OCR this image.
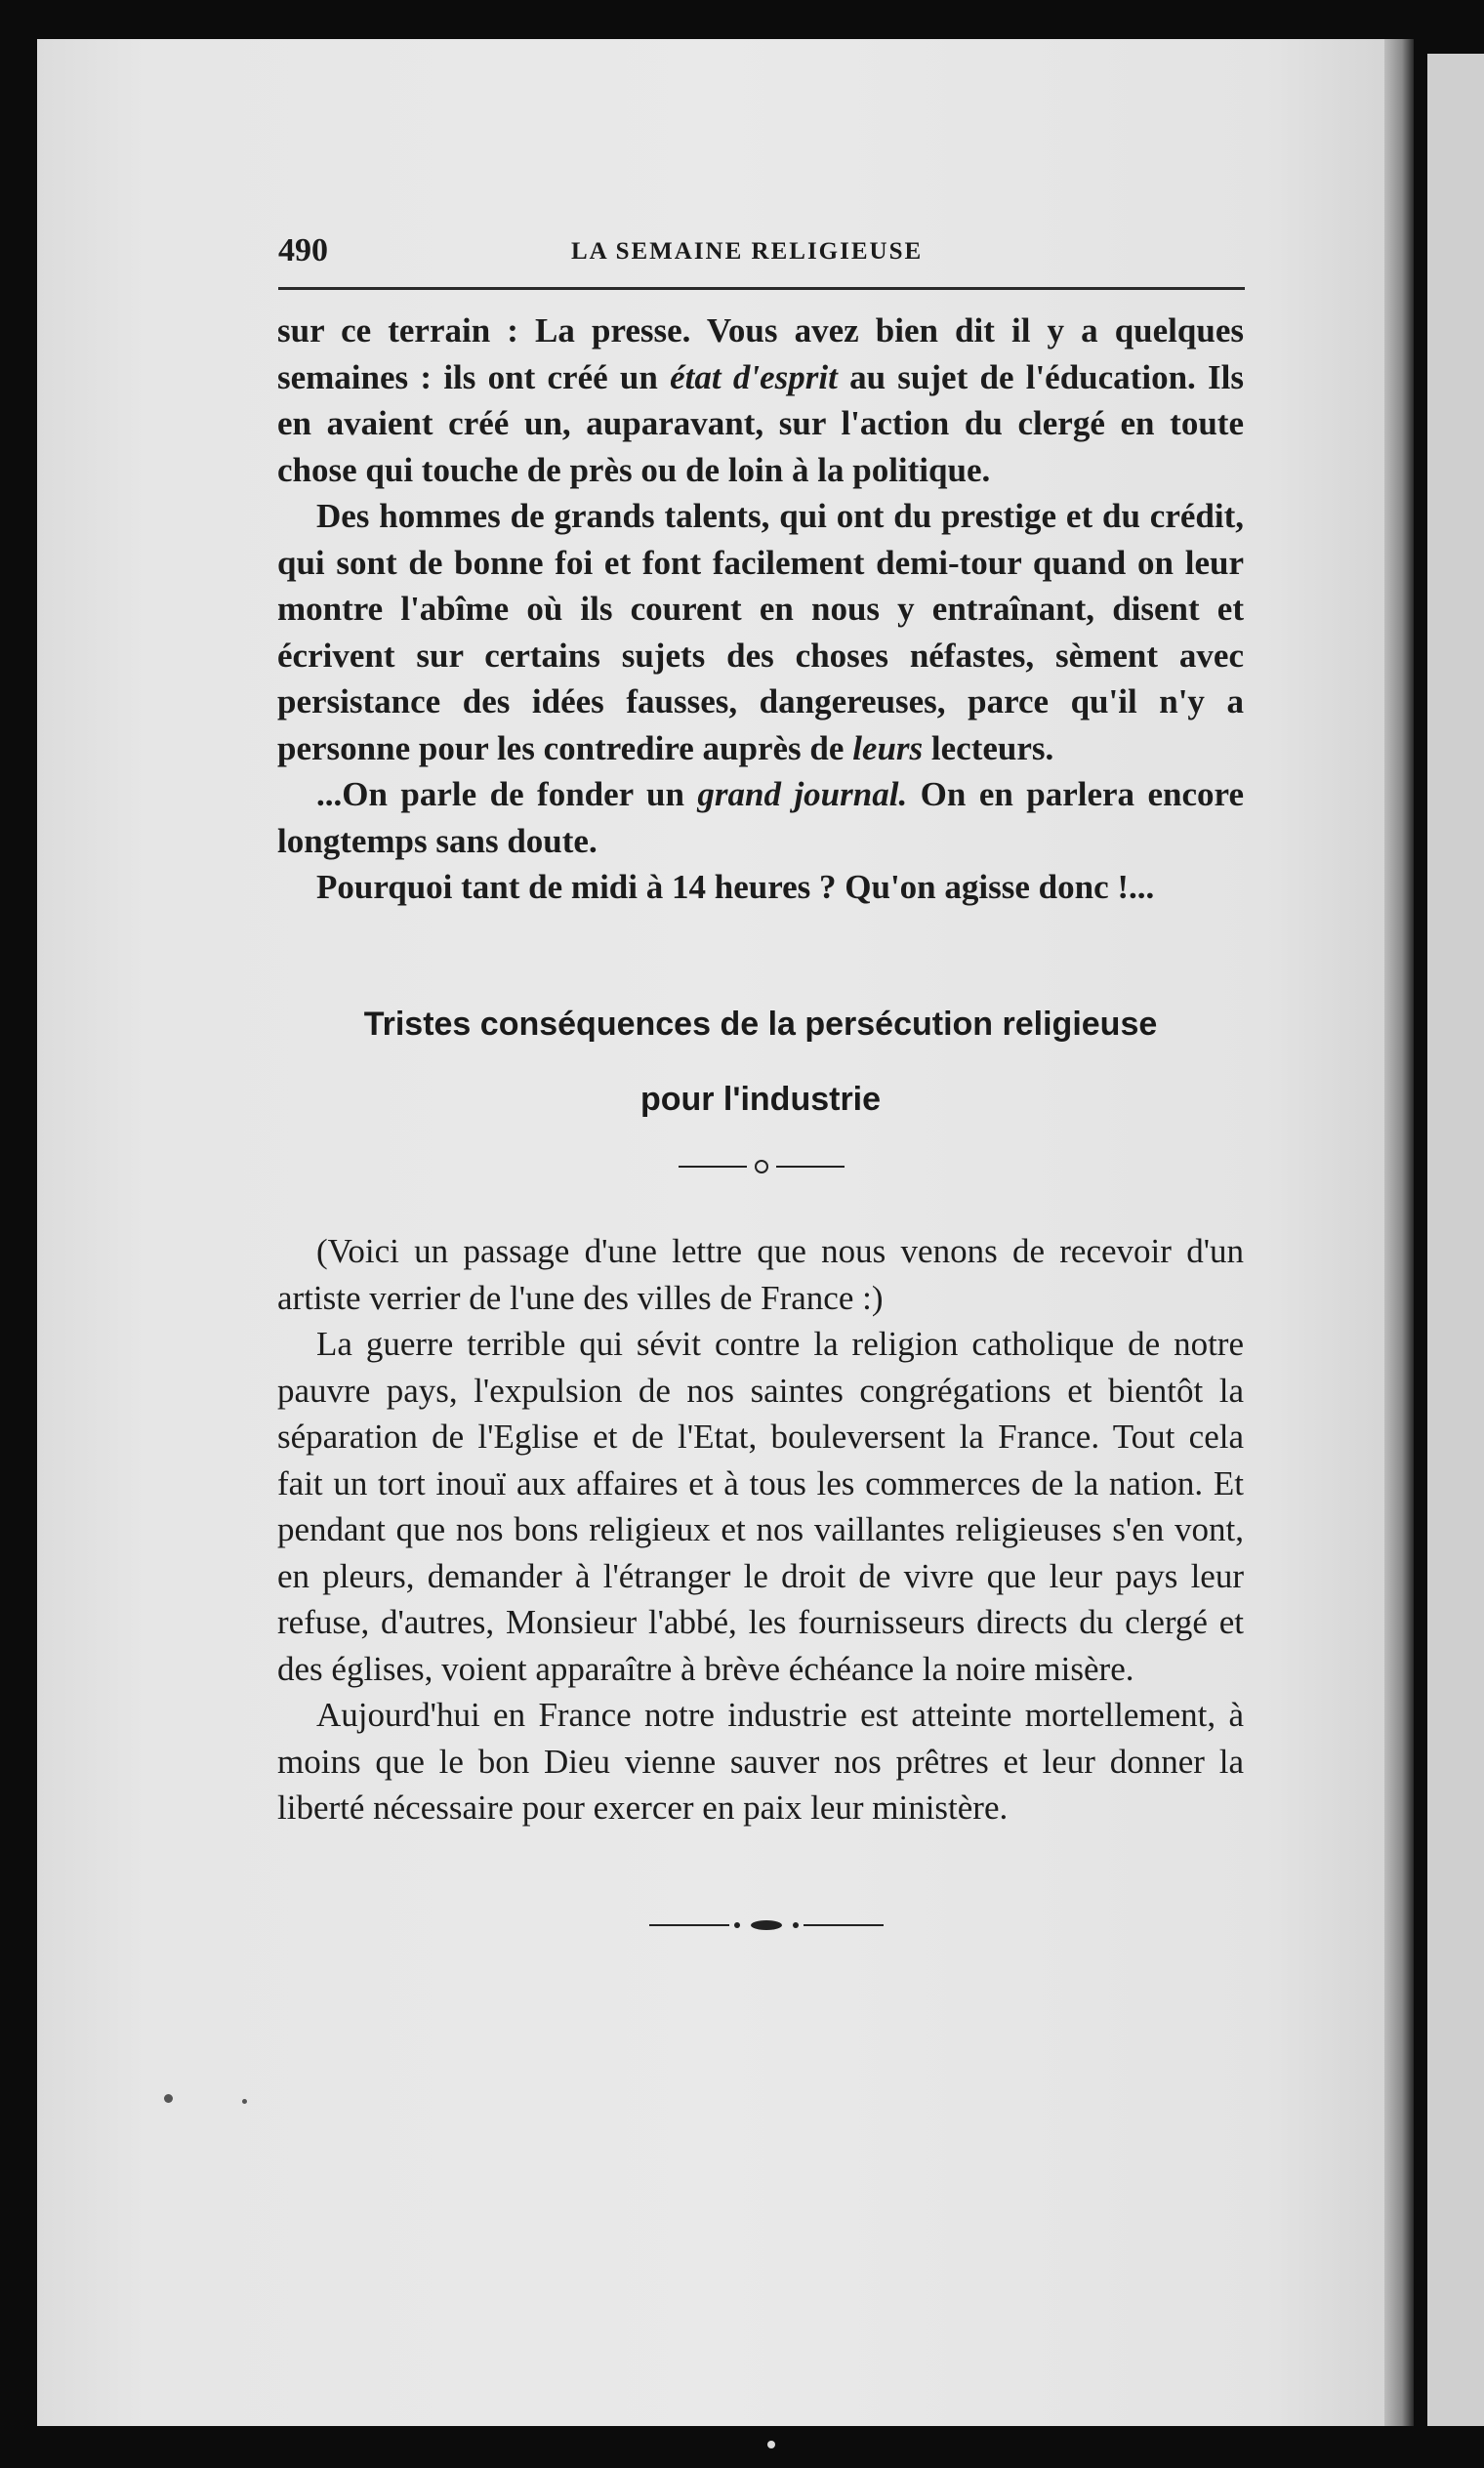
490	LA SEMAINE RELIGIEUSE

sur ce terrain : La presse. Vous avez bien dit il y a quelques semaines : ils ont créé un état d'esprit au sujet de l'éducation. Ils en avaient créé un, auparavant, sur l'action du clergé en toute chose qui touche de près ou de loin à la politique.

Des hommes de grands talents, qui ont du prestige et du crédit, qui sont de bonne foi et font facilement demi-tour quand on leur montre l'abîme où ils courent en nous y entraînant, disent et écrivent sur certains sujets des choses néfastes, sèment avec persistance des idées fausses, dangereuses, parce qu'il n'y a personne pour les contredire auprès de leurs lecteurs.

...On parle de fonder un grand journal. On en parlera encore longtemps sans doute.

Pourquoi tant de midi à 14 heures ? Qu'on agisse donc !...

Tristes conséquences de la persécution religieuse
pour l'industrie

(Voici un passage d'une lettre que nous venons de recevoir d'un artiste verrier de l'une des villes de France :)

La guerre terrible qui sévit contre la religion catholique de notre pauvre pays, l'expulsion de nos saintes congrégations et bientôt la séparation de l'Eglise et de l'Etat, bouleversent la France. Tout cela fait un tort inouï aux affaires et à tous les commerces de la nation. Et pendant que nos bons religieux et nos vaillantes religieuses s'en vont, en pleurs, demander à l'étranger le droit de vivre que leur pays leur refuse, d'autres, Monsieur l'abbé, les fournisseurs directs du clergé et des églises, voient apparaître à brève échéance la noire misère.

Aujourd'hui en France notre industrie est atteinte mortellement, à moins que le bon Dieu vienne sauver nos prêtres et leur donner la liberté nécessaire pour exercer en paix leur ministère.
